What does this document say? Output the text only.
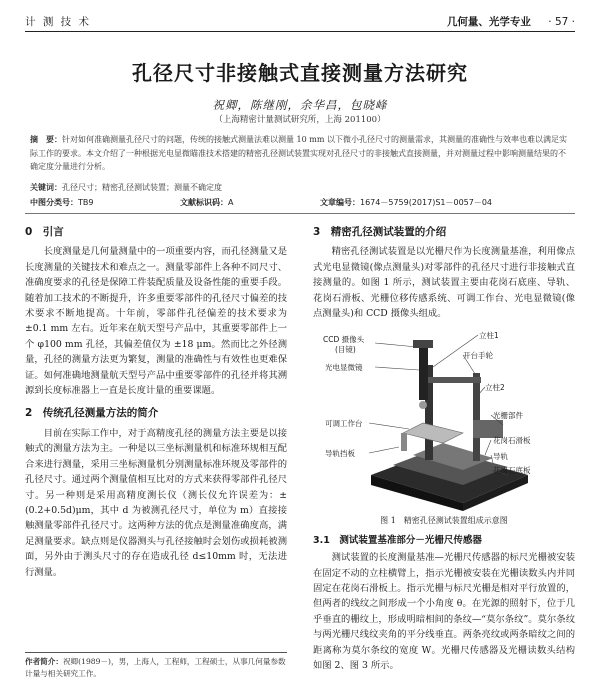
计 测 技 术	几何量、光学专业 · 57 ·
孔径尺寸非接触式直接测量方法研究
祝卿，陈继刚，余华昌，包晓峰
（上海精密计量测试研究所，上海 201100）
摘　要：针对如何准确测量孔径尺寸的问题，传统的接触式测量法难以测量 10 mm 以下微小孔径尺寸的测量需求，其测量的准确性与效率也难以满足实际工作的要求。本文介绍了一种根据光电显微瞄准技术搭建的精密孔径测试装置实现对孔径尺寸的非接触式直接测量，并对测量过程中影响测量结果的不确定度分量进行分析。
关键词：孔径尺寸；精密孔径测试装置；测量不确定度
中图分类号：TB9	文献标识码：A	文章编号：1674－5759(2017)S1－0057－04
0　引言

长度测量是几何量测量中的一项重要内容，而孔径测量又是长度测量的关键技术和难点之一。测量零部件上各种不同尺寸、准确度要求的孔径是保障工件装配质量及设备性能的重要手段。随着加工技术的不断提升，许多重要零部件的孔径尺寸偏差的技术要求不断地提高。十年前，零部件孔径偏差的技术要求为 ±0.1 mm 左右。近年来在航天型号产品中，其重要零部件上一个 φ100 mm 孔径，其偏差值仅为 ±18 μm。然而比之外径测量，孔径的测量方法更为繁复，测量的准确性与有效性也更难保证。如何准确地测量航天型号产品中重要零部件的孔径并将其溯源到长度标准器上一直是长度计量的重要课题。

2　传统孔径测量方法的简介

目前在实际工作中，对于高精度孔径的测量方法主要是以接触式的测量方法为主。一种是以三坐标测量机和标准环规相互配合来进行测量，采用三坐标测量机分别测量标准环规及零部件的孔径尺寸。通过两个测量值相互比对的方式来获得零部件孔径尺寸。另一种则是采用高精度测长仪（测长仪允许误差为：±(0.2+0.5d)μm，其中 d 为被测孔径尺寸，单位为 m）直接接触测量零部件孔径尺寸。这两种方法的优点是测量准确度高，满足测量要求。缺点则是仪器测头与孔径接触时会划伤或损耗被测面，另外由于测头尺寸的存在造成孔径 d≤10mm 时，无法进行测量。

3　精密孔径测试装置的介绍

精密孔径测试装置是以光栅尺作为长度测量基准，利用像点式光电显微镜(像点测量头)对零部件的孔径尺寸进行非接触式直接测量的。如图 1 所示，测试装置主要由花岗石底座、导轨、花岗石滑板、光栅位移传感系统、可调工作台、光电显微镜(像点测量头)和 CCD 摄像头组成。

CCD 摄像头
(目镜)
光电显微镜
可调工作台
导轨挡板
立柱1
开台手轮
立柱2
光栅部件
花岗石滑板
导轨
花岗石底板
图 1　精密孔径测试装置组成示意图
3.1　测试装置基准部分－光栅尺传感器

测试装置的长度测量基准—光栅尺传感器的标尺光栅被安装在固定不动的立柱横臂上，指示光栅被安装在光栅读数头内并同固定在花岗石滑板上。指示光栅与标尺光栅是相对平行放置的，但两者的线纹之间形成一个小角度 θ。在光源的照射下，位于几乎垂直的栅纹上，形成明暗相间的条纹—“莫尔条纹”。莫尔条纹与两光栅尺线纹夹角的平分线垂直。两条亮纹或两条暗纹之间的距离称为莫尔条纹的宽度 W。光栅尺传感器及光栅读数头结构如图 2、图 3 所示。

作者简介：祝卿(1989－)，男，上海人，工程师，工程硕士，从事几何量参数计量与相关研究工作。
